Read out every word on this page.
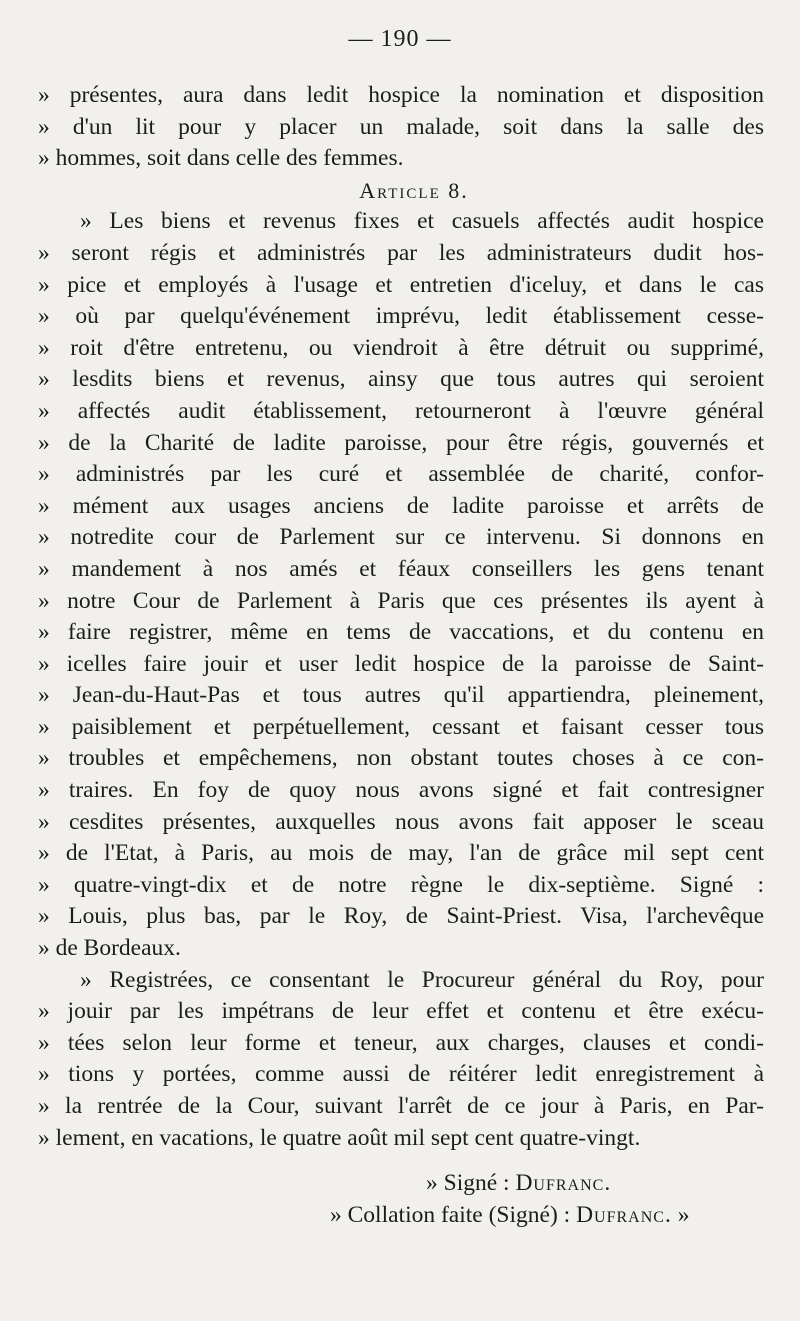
— 190 —
» présentes, aura dans ledit hospice la nomination et disposition
» d'un lit pour y placer un malade, soit dans la salle des
» hommes, soit dans celle des femmes.
Article 8.
» Les biens et revenus fixes et casuels affectés audit hospice
» seront régis et administrés par les administrateurs dudit hos-
» pice et employés à l'usage et entretien d'iceluy, et dans le cas
» où par quelqu'événement imprévu, ledit établissement cesse-
» roit d'être entretenu, ou viendroit à être détruit ou supprimé,
» lesdits biens et revenus, ainsy que tous autres qui seroient
» affectés audit établissement, retourneront à l'œuvre général
» de la Charité de ladite paroisse, pour être régis, gouvernés et
» administrés par les curé et assemblée de charité, confor-
» mément aux usages anciens de ladite paroisse et arrêts de
» notredite cour de Parlement sur ce intervenu. Si donnons en
» mandement à nos amés et féaux conseillers les gens tenant
» notre Cour de Parlement à Paris que ces présentes ils ayent à
» faire registrer, même en tems de vaccations, et du contenu en
» icelles faire jouir et user ledit hospice de la paroisse de Saint-
» Jean-du-Haut-Pas et tous autres qu'il appartiendra, pleinement,
» paisiblement et perpétuellement, cessant et faisant cesser tous
» troubles et empêchemens, non obstant toutes choses à ce con-
» traires. En foy de quoy nous avons signé et fait contresigner
» cesdites présentes, auxquelles nous avons fait apposer le sceau
» de l'Etat, à Paris, au mois de may, l'an de grâce mil sept cent
» quatre-vingt-dix et de notre règne le dix-septième. Signé :
» Louis, plus bas, par le Roy, de Saint-Priest. Visa, l'archevêque
» de Bordeaux.
» Registrées, ce consentant le Procureur général du Roy, pour
» jouir par les impétrans de leur effet et contenu et être exécu-
» tées selon leur forme et teneur, aux charges, clauses et condi-
» tions y portées, comme aussi de réitérer ledit enregistrement à
» la rentrée de la Cour, suivant l'arrêt de ce jour à Paris, en Par-
» lement, en vacations, le quatre août mil sept cent quatre-vingt.
» Signé : Dufranc.
» Collation faite (Signé) : Dufranc. »
